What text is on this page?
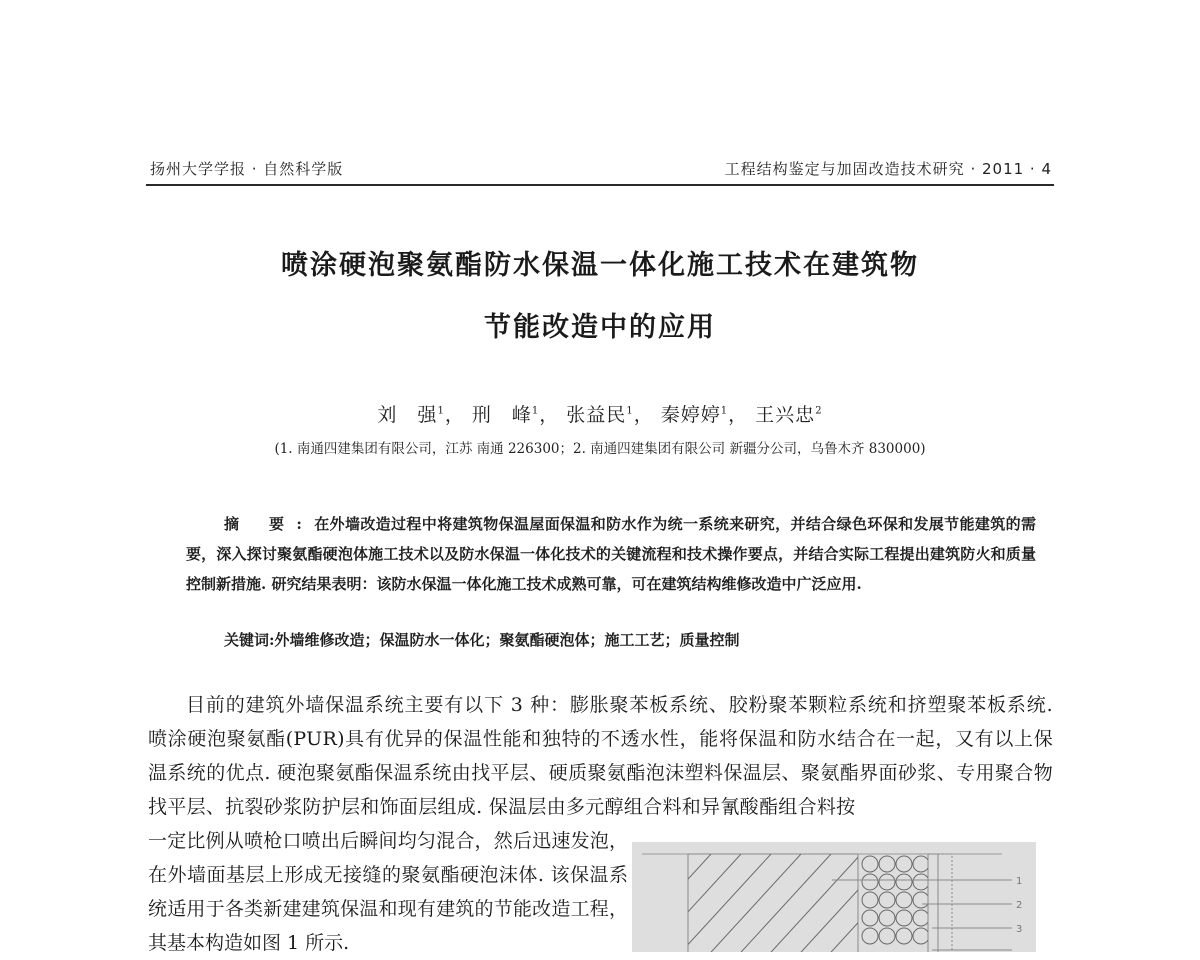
扬州大学学报 · 自然科学版	工程结构鉴定与加固改造技术研究 · 2011 · 4
喷涂硬泡聚氨酯防水保温一体化施工技术在建筑物
节能改造中的应用
刘　强$^1$， 刑　峰$^1$， 张益民$^1$， 秦婷婷$^1$， 王兴忠$^2$
(1. 南通四建集团有限公司，江苏 南通 226300；2. 南通四建集团有限公司 新疆分公司，乌鲁木齐 830000)
摘 要:在外墙改造过程中将建筑物保温屋面保温和防水作为统一系统来研究，并结合绿色环保和发展节能建筑的需要，深入探讨聚氨酯硬泡体施工技术以及防水保温一体化技术的关键流程和技术操作要点，并结合实际工程提出建筑防火和质量控制新措施. 研究结果表明：该防水保温一体化施工技术成熟可靠，可在建筑结构维修改造中广泛应用.
关键词:外墙维修改造；保温防水一体化；聚氨酯硬泡体；施工工艺；质量控制
目前的建筑外墙保温系统主要有以下 3 种：膨胀聚苯板系统、胶粉聚苯颗粒系统和挤塑聚苯板系统. 喷涂硬泡聚氨酯(PUR)具有优异的保温性能和独特的不透水性，能将保温和防水结合在一起，又有以上保温系统的优点. 硬泡聚氨酯保温系统由找平层、硬质聚氨酯泡沫塑料保温层、聚氨酯界面砂浆、专用聚合物找平层、抗裂砂浆防护层和饰面层组成. 保温层由多元醇组合料和异氰酸酯组合料按
一定比例从喷枪口喷出后瞬间均匀混合，然后迅速发泡，在外墙面基层上形成无接缝的聚氨酯硬泡沫体. 该保温系统适用于各类新建建筑保温和现有建筑的节能改造工程，其基本构造如图 1 所示.
1
2
3
